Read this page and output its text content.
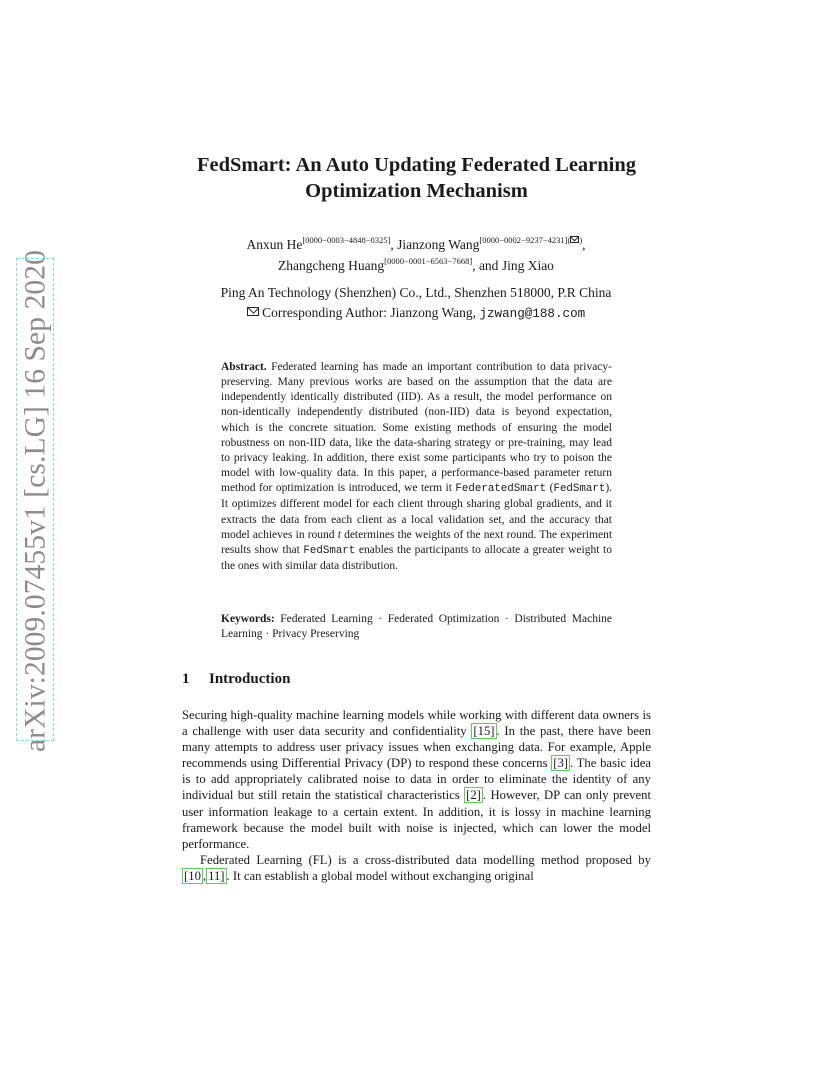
arXiv:2009.07455v1 [cs.LG] 16 Sep 2020
FedSmart: An Auto Updating Federated Learning Optimization Mechanism
Anxun He[0000−0003−4848−0325], Jianzong Wang$^{[0000-0002-9237-4231]( )}$,
Zhangcheng Huang[0000−0001−6563−7668], and Jing Xiao
Ping An Technology (Shenzhen) Co., Ltd., Shenzhen 518000, P.R China
Corresponding Author: Jianzong Wang, jzwang@188.com
Abstract. Federated learning has made an important contribution to data privacy-preserving. Many previous works are based on the assumption that the data are independently identically distributed (IID). As a result, the model performance on non-identically independently distributed (non-IID) data is beyond expectation, which is the concrete situation. Some existing methods of ensuring the model robustness on non-IID data, like the data-sharing strategy or pre-training, may lead to privacy leaking. In addition, there exist some participants who try to poison the model with low-quality data. In this paper, a performance-based parameter return method for optimization is introduced, we term it FederatedSmart (FedSmart). It optimizes different model for each client through sharing global gradients, and it extracts the data from each client as a local validation set, and the accuracy that model achieves in round t determines the weights of the next round. The experiment results show that FedSmart enables the participants to allocate a greater weight to the ones with similar data distribution.
Keywords: Federated Learning · Federated Optimization · Distributed Machine Learning · Privacy Preserving
1 Introduction

Securing high-quality machine learning models while working with different data owners is a challenge with user data security and confidentiality [15] . In the past, there have been many attempts to address user privacy issues when exchanging data. For example, Apple recommends using Differential Privacy (DP) to respond these concerns [3] . The basic idea is to add appropriately calibrated noise to data in order to eliminate the identity of any individual but still retain the statistical characteristics [2] . However, DP can only prevent user information leakage to a certain extent. In addition, it is lossy in machine learning framework because the model built with noise is injected, which can lower the model performance.

Federated Learning (FL) is a cross-distributed data modelling method proposed by [10 , 11] . It can establish a global model without exchanging original
